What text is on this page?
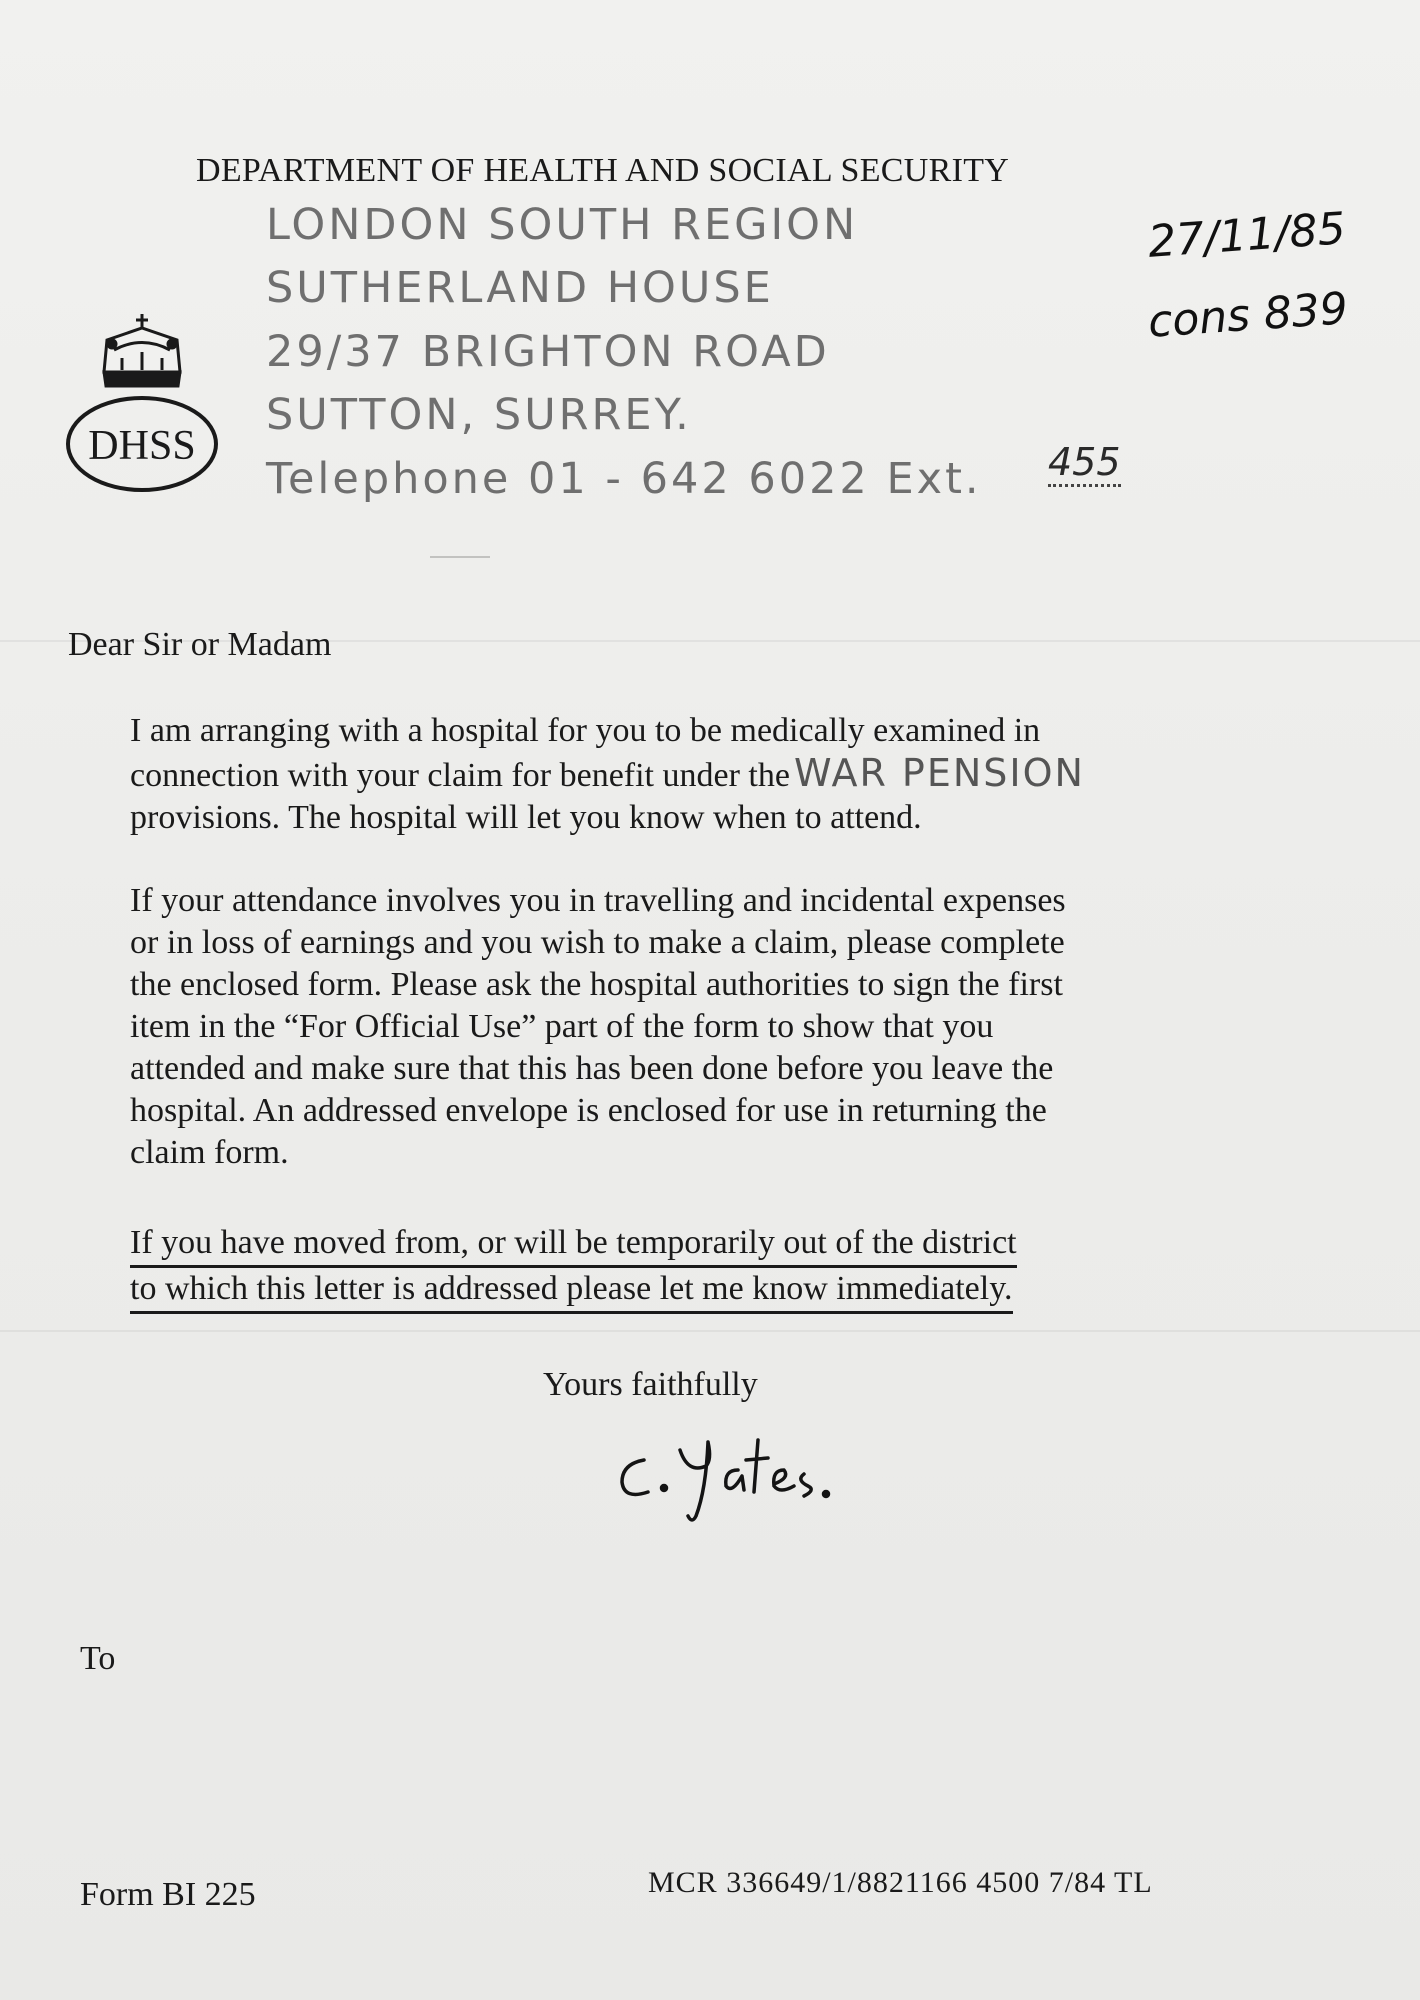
DEPARTMENT OF HEALTH AND SOCIAL SECURITY
LONDON SOUTH REGION
SUTHERLAND HOUSE
29/37 BRIGHTON ROAD
SUTTON, SURREY.
Telephone 01 - 642 6022 Ext. 455
27/11/85
cons 839
DHSS
Dear Sir or Madam
I am arranging with a hospital for you to be medically examined in
connection with your claim for benefit under the WAR PENSION
provisions. The hospital will let you know when to attend.
If your attendance involves you in travelling and incidental expenses
or in loss of earnings and you wish to make a claim, please complete
the enclosed form. Please ask the hospital authorities to sign the first
item in the “For Official Use” part of the form to show that you
attended and make sure that this has been done before you leave the
hospital. An addressed envelope is enclosed for use in returning the
claim form.
If you have moved from, or will be temporarily out of the district
to which this letter is addressed please let me know immediately.
Yours faithfully
To
Form BI 225	MCR 336649/1/8821166 4500 7/84 TL
